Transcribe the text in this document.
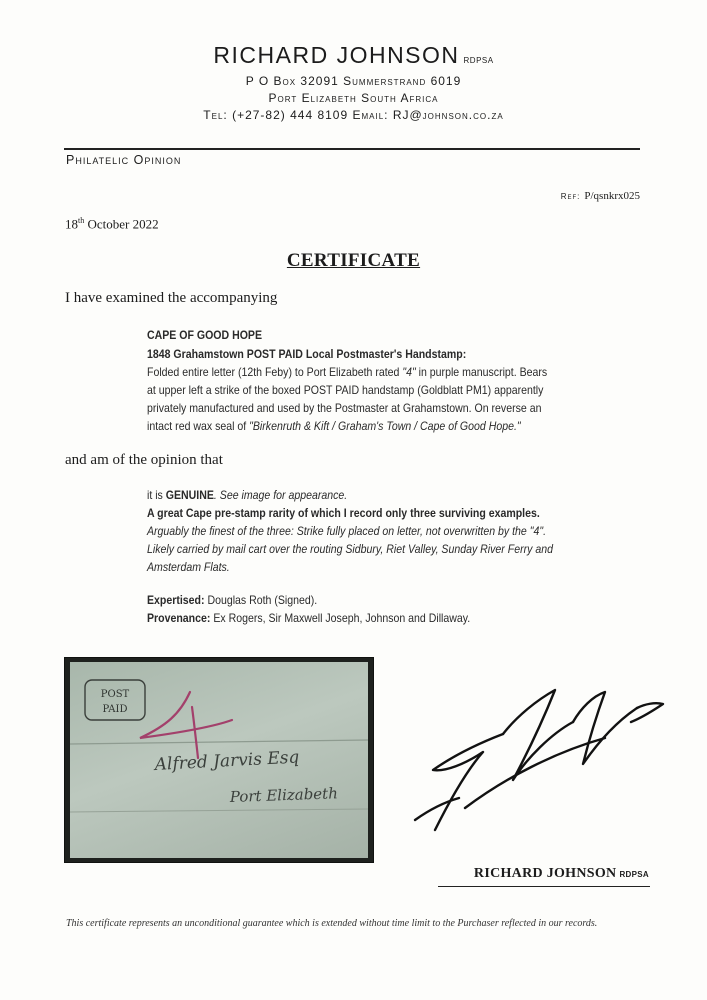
RICHARD JOHNSON RDPSA
P O Box 32091 Summerstrand 6019
Port Elizabeth South Africa
Tel: (+27-82) 444 8109 Email: RJ@johnson.co.za
Philatelic Opinion
Ref: P/qsnkrx025
18th October 2022
CERTIFICATE
I have examined the accompanying
CAPE OF GOOD HOPE
1848 Grahamstown POST PAID Local Postmaster's Handstamp:
Folded entire letter (12th Feby) to Port Elizabeth rated "4" in purple manuscript. Bears
at upper left a strike of the boxed POST PAID handstamp (Goldblatt PM1) apparently
privately manufactured and used by the Postmaster at Grahamstown. On reverse an
intact red wax seal of "Birkenruth & Kift / Graham's Town / Cape of Good Hope."
and am of the opinion that
it is GENUINE. See image for appearance.
A great Cape pre-stamp rarity of which I record only three surviving examples.
Arguably the finest of the three: Strike fully placed on letter, not overwritten by the "4".
Likely carried by mail cart over the routing Sidbury, Riet Valley, Sunday River Ferry and
Amsterdam Flats.
Expertised: Douglas Roth (Signed).
Provenance: Ex Rogers, Sir Maxwell Joseph, Johnson and Dillaway.
POST
PAID
Alfred Jarvis Esq
Port Elizabeth
RICHARD JOHNSON RDPSA
This certificate represents an unconditional guarantee which is extended without time limit to the Purchaser reflected in our records.
